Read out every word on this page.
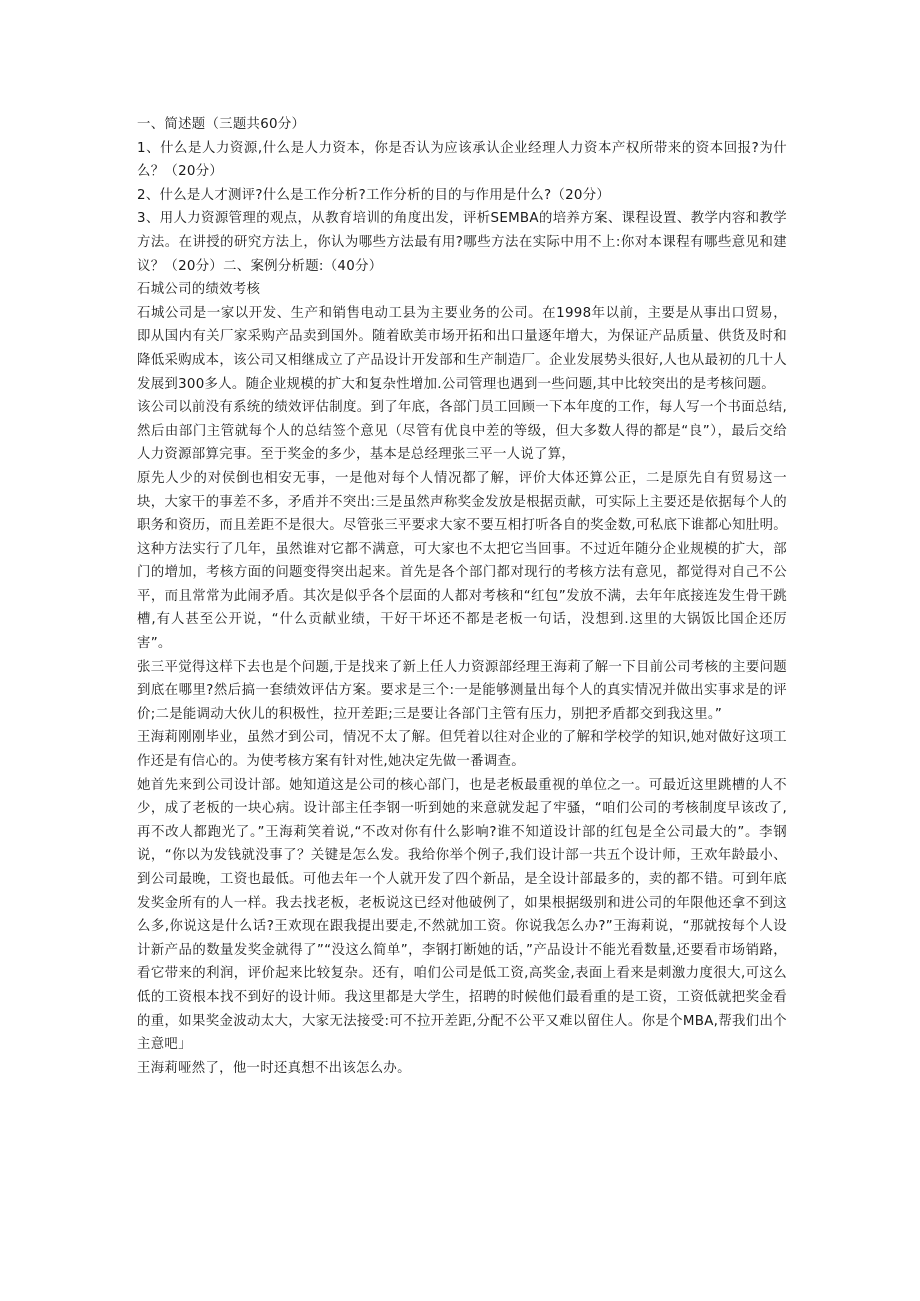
一、简述题（三题共60分）

1、什么是人力资源,什么是人力资本，你是否认为应该承认企业经理人力资本产权所带来的资本回报?为什么？（20分）

2、什么是人才测评?什么是工作分析?工作分析的目的与作用是什么?（20分）

3、用人力资源管理的观点，从教育培训的角度出发，评析SEMBA的培养方案、课程设置、教学内容和教学方法。在讲授的研究方法上，你认为哪些方法最有用?哪些方法在实际中用不上:你对本课程有哪些意见和建议？（20分）二、案例分析题:（40分）

石城公司的绩效考核

石城公司是一家以开发、生产和销售电动工县为主要业务的公司。在1998年以前，主要是从事出口贸易，即从国内有关厂家采购产品卖到国外。随着欧美市场开拓和出口量逐年增大，为保证产品质量、供货及时和降低采购成本，该公司又相继成立了产品设计开发部和生产制造厂。企业发展势头很好,人也从最初的几十人发展到300多人。随企业规模的扩大和复杂性增加.公司管理也遇到一些问题,其中比较突出的是考核问题。

该公司以前没有系统的绩效评估制度。到了年底，各部门员工回顾一下本年度的工作，每人写一个书面总结,然后由部门主管就每个人的总结签个意见（尽管有优良中差的等级，但大多数人得的都是“良”），最后交给人力资源部算完事。至于奖金的多少，基本是总经理张三平一人说了算，

原先人少的对侯倒也相安无事，一是他对每个人情况都了解，评价大体还算公正，二是原先自有贸易这一块，大家干的事差不多，矛盾并不突出:三是虽然声称奖金发放是根据贡献，可实际上主要还是依据每个人的职务和资历，而且差距不是很大。尽管张三平要求大家不要互相打听各自的奖金数,可私底下谁都心知肚明。这种方法实行了几年，虽然谁对它都不满意，可大家也不太把它当回事。不过近年随分企业规模的扩大，部门的增加，考核方面的问题变得突出起来。首先是各个部门都对现行的考核方法有意见，都觉得对自己不公平，而且常常为此闹矛盾。其次是似乎各个层面的人都对考核和“红包”发放不满，去年年底接连发生骨干跳槽,有人甚至公开说，“什么贡献业绩，干好干坏还不都是老板一句话，没想到.这里的大锅饭比国企还厉害”。

张三平觉得这样下去也是个问题,于是找来了新上任人力资源部经理王海莉了解一下目前公司考核的主要问题到底在哪里?然后搞一套绩效评估方案。要求是三个:一是能够测量出每个人的真实情况并做出实事求是的评价;二是能调动大伙儿的积极性，拉开差距;三是要让各部门主管有压力，别把矛盾都交到我这里。”

王海莉刚刚毕业，虽然才到公司，情况不太了解。但凭着以往对企业的了解和学校学的知识,她对做好这项工作还是有信心的。为使考核方案有针对性,她决定先做一番调查。

她首先来到公司设计部。她知道这是公司的核心部门，也是老板最重视的单位之一。可最近这里跳槽的人不少，成了老板的一块心病。设计部主任李钢一听到她的来意就发起了牢骚，“咱们公司的考核制度早该改了,再不改人都跑光了。”王海莉笑着说,“不改对你有什么影响?谁不知道设计部的红包是全公司最大的”。李钢说，“你以为发钱就没事了？关键是怎么发。我给你举个例子,我们设计部一共五个设计师，王欢年龄最小、到公司最晚，工资也最低。可他去年一个人就开发了四个新品，是全设计部最多的，卖的都不错。可到年底发奖金所有的人一样。我去找老板，老板说这已经对他破例了，如果根据级别和进公司的年限他还拿不到这么多,你说这是什么话?王欢现在跟我提出要走,不然就加工资。你说我怎么办?”王海莉说，“那就按每个人设计新产品的数量发奖金就得了”“没这么简单”，李钢打断她的话，”产品设计不能光看数量,还要看市场销路，看它带来的利润，评价起来比较复杂。还有，咱们公司是低工资,高奖金,表面上看来是刺激力度很大,可这么低的工资根本找不到好的设计师。我这里都是大学生，招聘的时候他们最看重的是工资，工资低就把奖金看的重，如果奖金波动太大，大家无法接受:可不拉开差距,分配不公平又难以留住人。你是个MBA,帮我们出个主意吧」

王海莉哑然了，他一时还真想不出该怎么办。
